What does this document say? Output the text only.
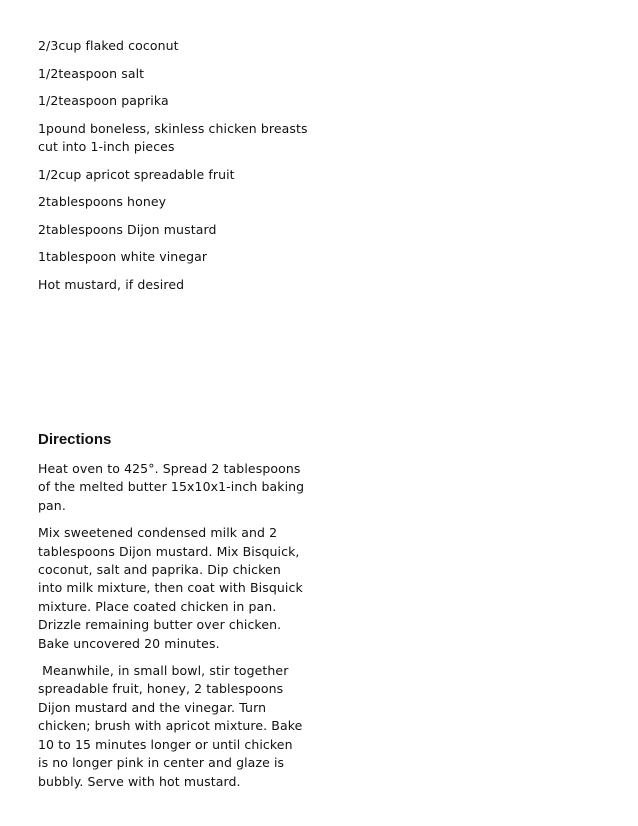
2/3cup flaked coconut
1/2teaspoon salt
1/2teaspoon paprika
1pound boneless, skinless chicken breasts cut into 1-inch pieces
1/2cup apricot spreadable fruit
2tablespoons honey
2tablespoons Dijon mustard
1tablespoon white vinegar
Hot mustard, if desired
Directions

Heat oven to 425°. Spread 2 tablespoons of the melted butter 15x10x1-inch baking pan.

Mix sweetened condensed milk and 2 tablespoons Dijon mustard. Mix Bisquick, coconut, salt and paprika. Dip chicken into milk mixture, then coat with Bisquick mixture. Place coated chicken in pan. Drizzle remaining butter over chicken. Bake uncovered 20 minutes.

Meanwhile, in small bowl, stir together spreadable fruit, honey, 2 tablespoons Dijon mustard and the vinegar. Turn chicken; brush with apricot mixture. Bake 10 to 15 minutes longer or until chicken is no longer pink in center and glaze is bubbly. Serve with hot mustard.
